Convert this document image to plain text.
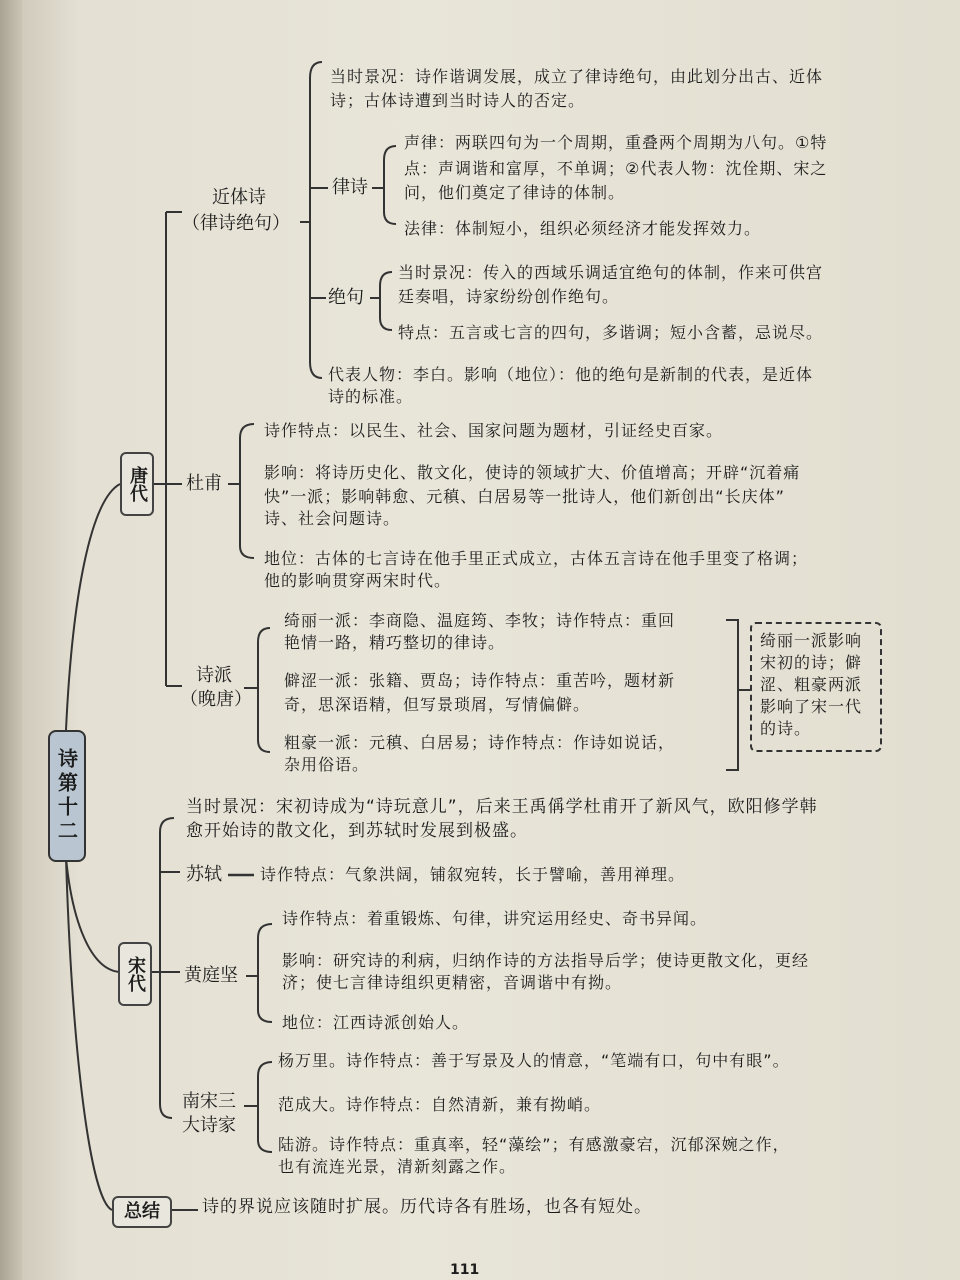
诗第十二
唐代
宋代
总结
近体诗
（律诗绝句）
当时景况：诗作谐调发展，成立了律诗绝句，由此划分出古、近体
诗；古体诗遭到当时诗人的否定。
律诗
声律：两联四句为一个周期，重叠两个周期为八句。①特
点：声调谐和富厚，不单调；②代表人物：沈佺期、宋之
问，他们奠定了律诗的体制。
法律：体制短小，组织必须经济才能发挥效力。
绝句
当时景况：传入的西域乐调适宜绝句的体制，作来可供宫
廷奏唱，诗家纷纷创作绝句。
特点：五言或七言的四句，多谐调；短小含蓄，忌说尽。
代表人物：李白。影响（地位）：他的绝句是新制的代表，是近体
诗的标准。
杜甫
诗作特点：以民生、社会、国家问题为题材，引证经史百家。
影响：将诗历史化、散文化，使诗的领域扩大、价值增高；开辟“沉着痛
快”一派；影响韩愈、元稹、白居易等一批诗人，他们新创出“长庆体”
诗、社会问题诗。
地位：古体的七言诗在他手里正式成立，古体五言诗在他手里变了格调；
他的影响贯穿两宋时代。
诗派
（晚唐）
绮丽一派：李商隐、温庭筠、李牧；诗作特点：重回
艳情一路，精巧整切的律诗。
僻涩一派：张籍、贾岛；诗作特点：重苦吟，题材新
奇，思深语精，但写景琐屑，写情偏僻。
粗豪一派：元稹、白居易；诗作特点：作诗如说话，
杂用俗语。
绮丽一派影响宋初的诗；僻涩、粗豪两派影响了宋一代的诗。
当时景况：宋初诗成为“诗玩意儿”，后来王禹偁学杜甫开了新风气，欧阳修学韩
愈开始诗的散文化，到苏轼时发展到极盛。
苏轼 诗作特点：气象洪阔，铺叙宛转，长于譬喻，善用禅理。
黄庭坚
诗作特点：着重锻炼、句律，讲究运用经史、奇书异闻。
影响：研究诗的利病，归纳作诗的方法指导后学；使诗更散文化，更经
济；使七言律诗组织更精密，音调谐中有拗。
地位：江西诗派创始人。
南宋三
大诗家
杨万里。诗作特点：善于写景及人的情意，“笔端有口，句中有眼”。
范成大。诗作特点：自然清新，兼有拗峭。
陆游。诗作特点：重真率，轻“藻绘”；有感激豪宕，沉郁深婉之作，
也有流连光景，清新刻露之作。
诗的界说应该随时扩展。历代诗各有胜场，也各有短处。
111
